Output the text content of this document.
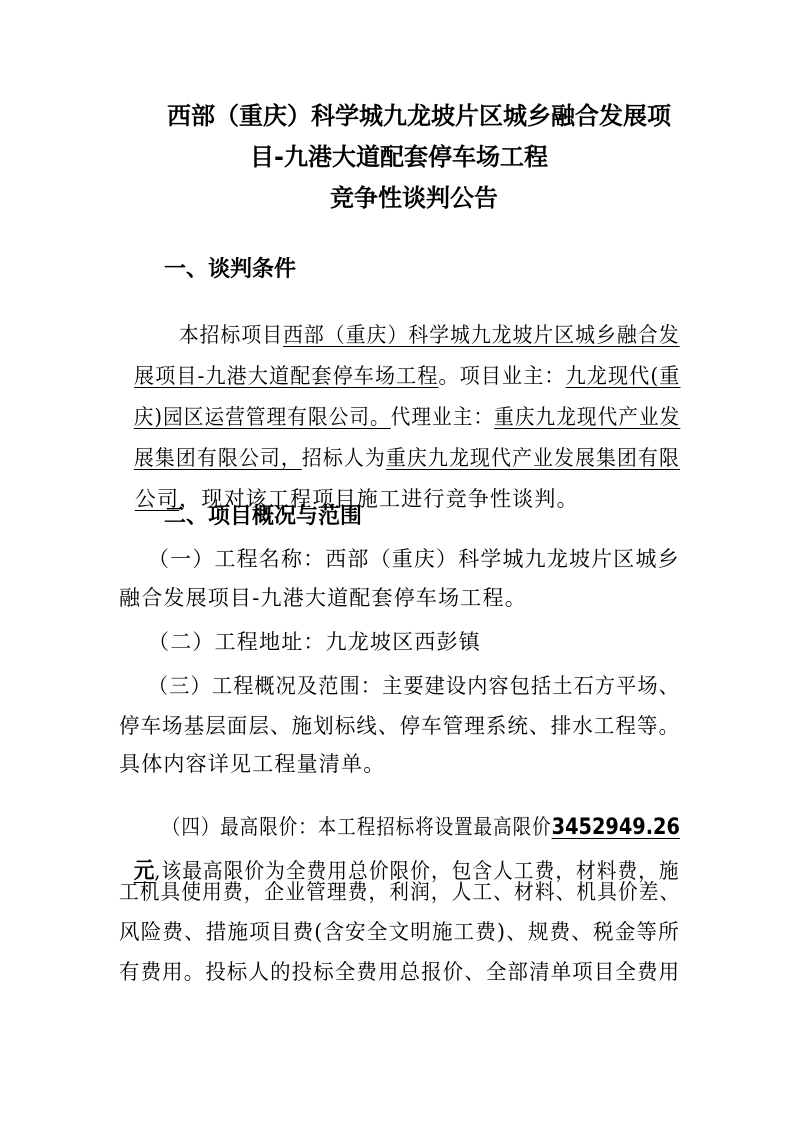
西部（重庆）科学城九龙坡片区城乡融合发展项
目-九港大道配套停车场工程
竞争性谈判公告
一、谈判条件

本招标项目西部（重庆）科学城九龙坡片区城乡融合发

展项目-九港大道配套停车场工程。项目业主：九龙现代(重

庆)园区运营管理有限公司。代理业主：重庆九龙现代产业发

展集团有限公司，招标人为重庆九龙现代产业发展集团有限

公司，现对该工程项目施工进行竞争性谈判。

二、项目概况与范围
（一）工程名称：西部（重庆）科学城九龙坡片区城乡
融合发展项目-九港大道配套停车场工程。
（二）工程地址：九龙坡区西彭镇
（三）工程概况及范围：主要建设内容包括土石方平场、
停车场基层面层、施划标线、停车管理系统、排水工程等。
具体内容详见工程量清单。

（四）最高限价：本工程招标将设置最高限价3452949.26

元,该最高限价为全费用总价限价，包含人工费，材料费，施

工机具使用费，企业管理费，利润，人工、材料、机具价差、
风险费、措施项目费(含安全文明施工费)、规费、税金等所
有费用。投标人的投标全费用总报价、全部清单项目全费用
